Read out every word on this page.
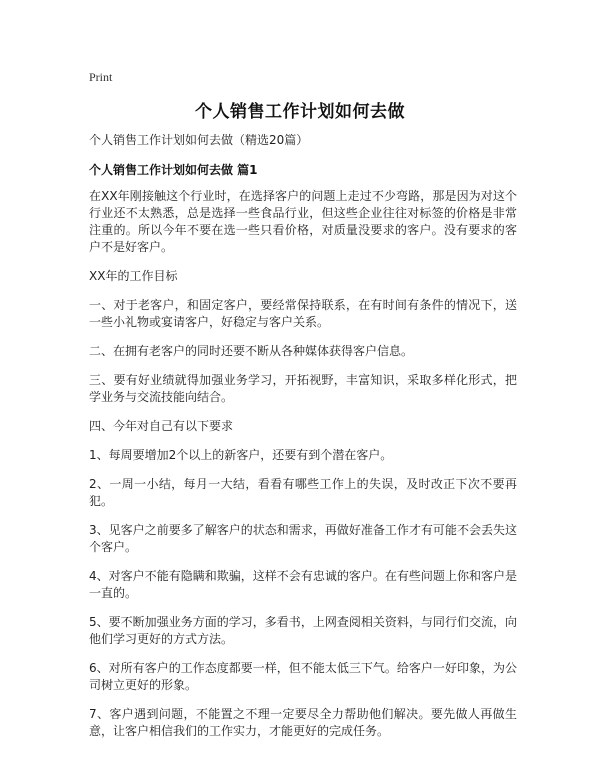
Print
个人销售工作计划如何去做
个人销售工作计划如何去做（精选20篇）
个人销售工作计划如何去做 篇1

在XX年刚接触这个行业时，在选择客户的问题上走过不少弯路，那是因为对这个行业还不太熟悉，总是选择一些食品行业，但这些企业往往对标签的价格是非常注重的。所以今年不要在选一些只看价格，对质量没要求的客户。没有要求的客户不是好客户。

XX年的工作目标

一、对于老客户，和固定客户，要经常保持联系，在有时间有条件的情况下，送一些小礼物或宴请客户，好稳定与客户关系。

二、在拥有老客户的同时还要不断从各种媒体获得客户信息。

三、要有好业绩就得加强业务学习，开拓视野，丰富知识，采取多样化形式，把学业务与交流技能向结合。

四、今年对自己有以下要求

1、每周要增加2个以上的新客户，还要有到个潜在客户。

2、一周一小结，每月一大结，看看有哪些工作上的失误，及时改正下次不要再犯。

3、见客户之前要多了解客户的状态和需求，再做好准备工作才有可能不会丢失这个客户。

4、对客户不能有隐瞒和欺骗，这样不会有忠诚的客户。在有些问题上你和客户是一直的。

5、要不断加强业务方面的学习，多看书，上网查阅相关资料，与同行们交流，向他们学习更好的方式方法。

6、对所有客户的工作态度都要一样，但不能太低三下气。给客户一好印象，为公司树立更好的形象。

7、客户遇到问题，不能置之不理一定要尽全力帮助他们解决。要先做人再做生意，让客户相信我们的工作实力，才能更好的完成任务。
